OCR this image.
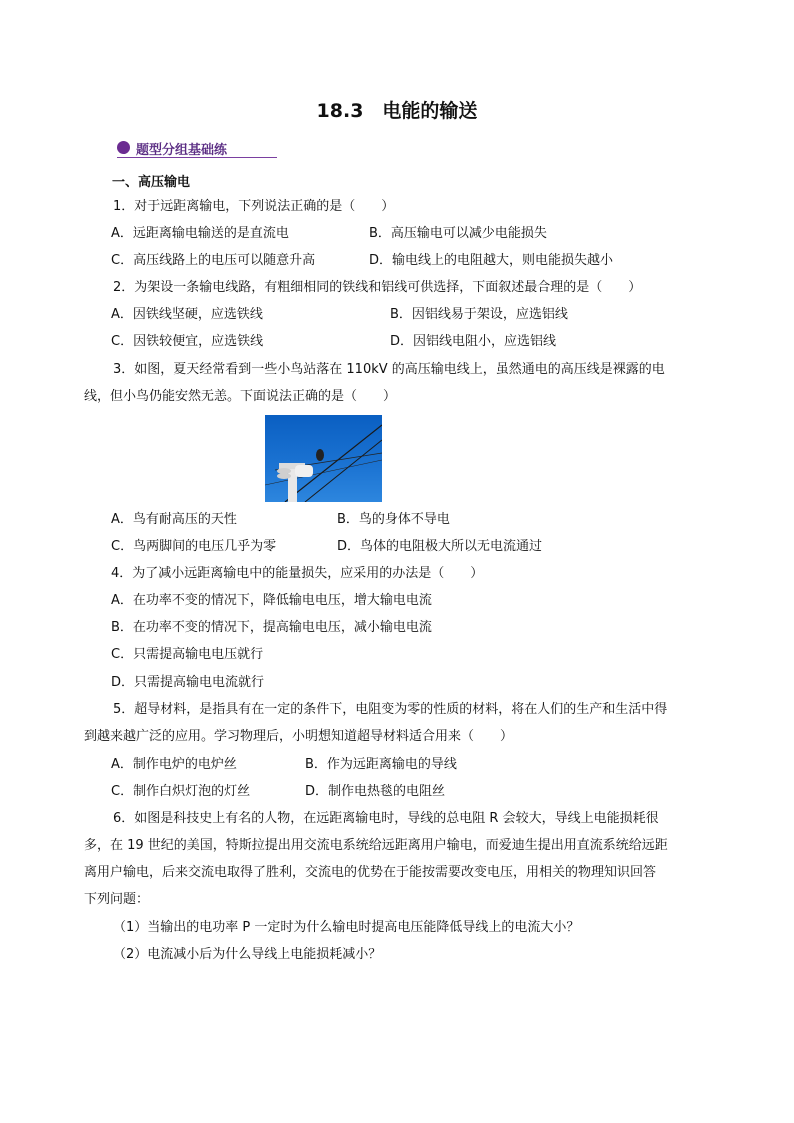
18.3　电能的输送
题型分组基础练
一、高压输电
1．对于远距离输电，下列说法正确的是（　　）
A．远距离输电输送的是直流电	B．高压输电可以减少电能损失
C．高压线路上的电压可以随意升高	D．输电线上的电阻越大，则电能损失越小
2．为架设一条输电线路，有粗细相同的铁线和铝线可供选择，下面叙述最合理的是（　　）
A．因铁线坚硬，应选铁线	B．因铝线易于架设，应选铝线
C．因铁较便宜，应选铁线	D．因铝线电阻小，应选铝线
3．如图，夏天经常看到一些小鸟站落在 110kV 的高压输电线上，虽然通电的高压线是裸露的电
线，但小鸟仍能安然无恙。下面说法正确的是（　　）
A．鸟有耐高压的天性	B．鸟的身体不导电
C．鸟两脚间的电压几乎为零	D．鸟体的电阻极大所以无电流通过
4．为了减小远距离输电中的能量损失，应采用的办法是（　　）
A．在功率不变的情况下，降低输电电压，增大输电电流
B．在功率不变的情况下，提高输电电压，减小输电电流
C．只需提高输电电压就行
D．只需提高输电电流就行
5．超导材料，是指具有在一定的条件下，电阻变为零的性质的材料，将在人们的生产和生活中得
到越来越广泛的应用。学习物理后，小明想知道超导材料适合用来（　　）
A．制作电炉的电炉丝	B．作为远距离输电的导线
C．制作白炽灯泡的灯丝	D．制作电热毯的电阻丝
6．如图是科技史上有名的人物，在远距离输电时，导线的总电阻 R 会较大，导线上电能损耗很
多，在 19 世纪的美国，特斯拉提出用交流电系统给远距离用户输电，而爱迪生提出用直流系统给远距
离用户输电，后来交流电取得了胜利，交流电的优势在于能按需要改变电压，用相关的物理知识回答
下列问题：
（1）当输出的电功率 P 一定时为什么输电时提高电压能降低导线上的电流大小？
（2）电流减小后为什么导线上电能损耗减小？
